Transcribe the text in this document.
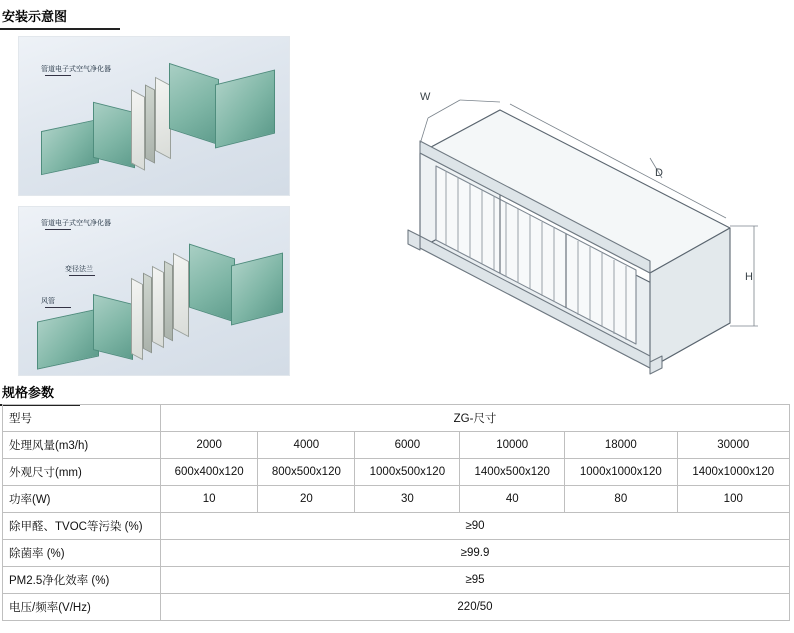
安装示意图
管道电子式空气净化器
管道电子式空气净化器
变径法兰
风管
W
D
H
规格参数
型号	ZG-尺寸					
处理风量(m3/h)	2000	4000	6000	10000	18000	30000
外观尺寸(mm)	600x400x120	800x500x120	1000x500x120	1400x500x120	1000x1000x120	1400x1000x120
功率(W)	10	20	30	40	80	100
除甲醛、TVOC等污染 (%)	≥90					
除菌率 (%)	≥99.9					
PM2.5净化效率 (%)	≥95					
电压/频率(V/Hz)	220/50					
